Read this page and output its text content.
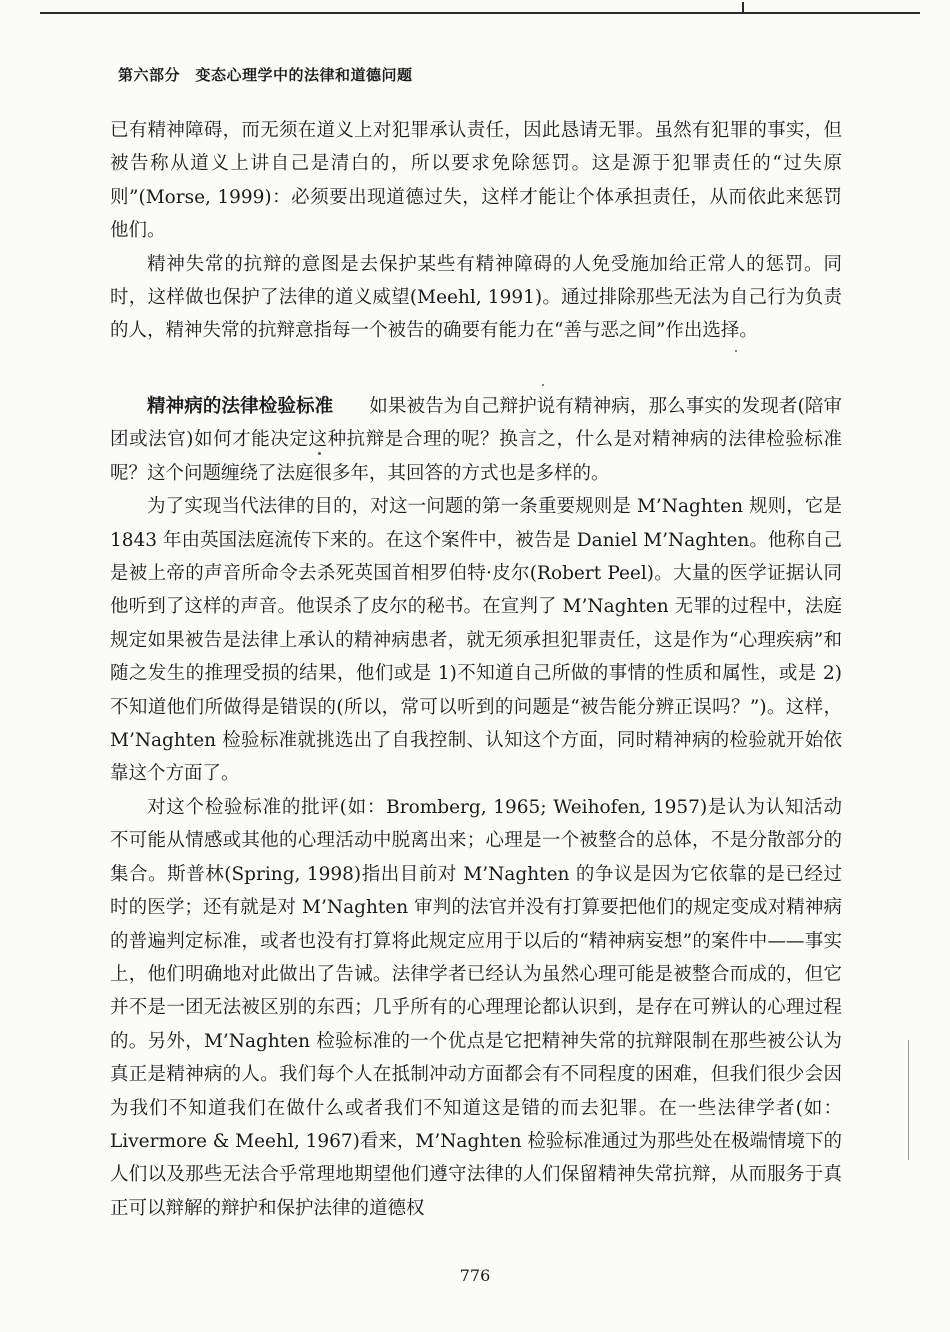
第六部分　变态心理学中的法律和道德问题

已有精神障碍，而无须在道义上对犯罪承认责任，因此恳请无罪。虽然有犯罪的事实，但被告称从道义上讲自己是清白的，所以要求免除惩罚。这是源于犯罪责任的“过失原则”(Morse, 1999)：必须要出现道德过失，这样才能让个体承担责任，从而依此来惩罚他们。

精神失常的抗辩的意图是去保护某些有精神障碍的人免受施加给正常人的惩罚。同时，这样做也保护了法律的道义威望(Meehl, 1991)。通过排除那些无法为自己行为负责的人，精神失常的抗辩意指每一个被告的确要有能力在“善与恶之间”作出选择。

精神病的法律检验标准 如果被告为自己辩护说有精神病，那么事实的发现者(陪审团或法官)如何才能决定这种抗辩是合理的呢？换言之，什么是对精神病的法律检验标准呢？这个问题缠绕了法庭很多年，其回答的方式也是多样的。

为了实现当代法律的目的，对这一问题的第一条重要规则是 M’Naghten 规则，它是 1843 年由英国法庭流传下来的。在这个案件中，被告是 Daniel M’Naghten。他称自己是被上帝的声音所命令去杀死英国首相罗伯特·皮尔(Robert Peel)。大量的医学证据认同他听到了这样的声音。他误杀了皮尔的秘书。在宣判了 M’Naghten 无罪的过程中，法庭规定如果被告是法律上承认的精神病患者，就无须承担犯罪责任，这是作为“心理疾病”和随之发生的推理受损的结果，他们或是 1)不知道自己所做的事情的性质和属性，或是 2)不知道他们所做得是错误的(所以，常可以听到的问题是“被告能分辨正误吗？”)。这样，M’Naghten 检验标准就挑选出了自我控制、认知这个方面，同时精神病的检验就开始依靠这个方面了。

对这个检验标准的批评(如：Bromberg, 1965; Weihofen, 1957)是认为认知活动不可能从情感或其他的心理活动中脱离出来；心理是一个被整合的总体，不是分散部分的集合。斯普林(Spring, 1998)指出目前对 M’Naghten 的争议是因为它依靠的是已经过时的医学；还有就是对 M’Naghten 审判的法官并没有打算要把他们的规定变成对精神病的普遍判定标准，或者也没有打算将此规定应用于以后的“精神病妄想”的案件中——事实上，他们明确地对此做出了告诫。法律学者已经认为虽然心理可能是被整合而成的，但它并不是一团无法被区别的东西；几乎所有的心理理论都认识到，是存在可辨认的心理过程的。另外，M’Naghten 检验标准的一个优点是它把精神失常的抗辩限制在那些被公认为真正是精神病的人。我们每个人在抵制冲动方面都会有不同程度的困难，但我们很少会因为我们不知道我们在做什么或者我们不知道这是错的而去犯罪。在一些法律学者(如：Livermore & Meehl, 1967)看来，M’Naghten 检验标准通过为那些处在极端情境下的人们以及那些无法合乎常理地期望他们遵守法律的人们保留精神失常抗辩，从而服务于真正可以辩解的辩护和保护法律的道德权

776
